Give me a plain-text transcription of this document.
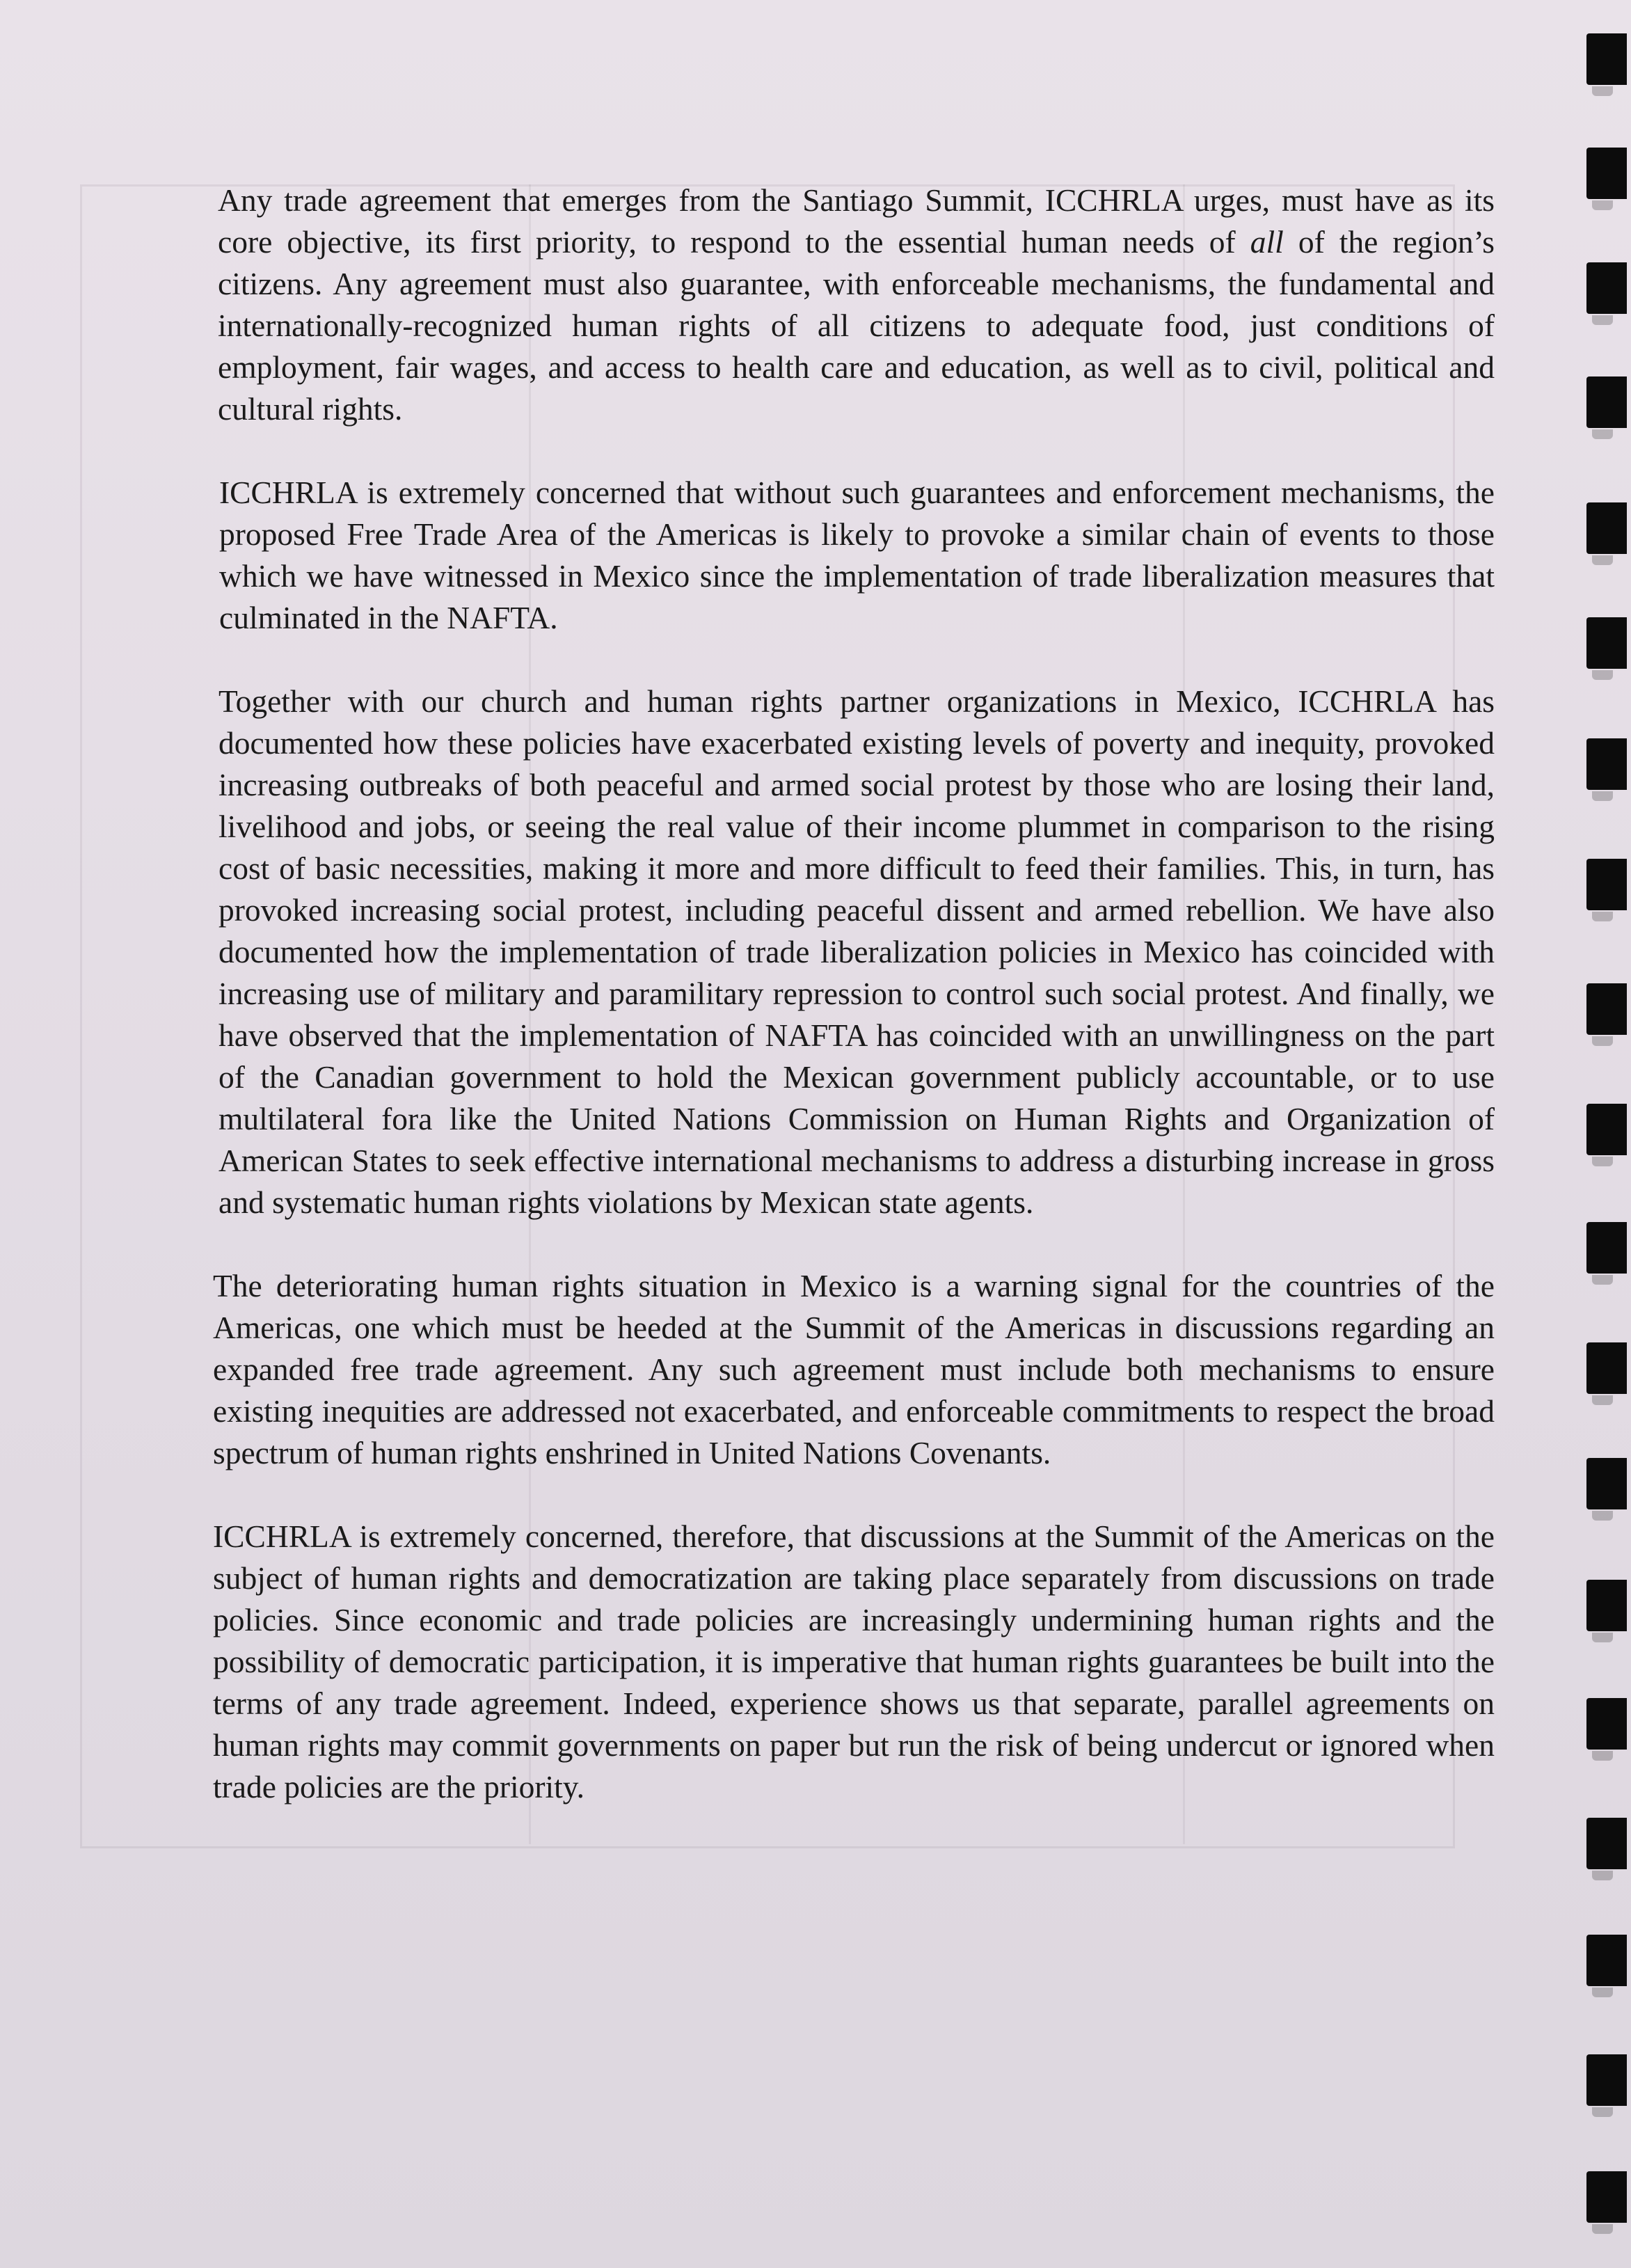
Any trade agreement that emerges from the Santiago Summit, ICCHRLA urges, must have as its core objective, its first priority, to respond to the essential human needs of all of the region’s citizens. Any agreement must also guarantee, with enforceable mechanisms, the fundamental and internationally-recognized human rights of all citizens to adequate food, just conditions of employment, fair wages, and access to health care and education, as well as to civil, political and cultural rights.

ICCHRLA is extremely concerned that without such guarantees and enforcement mechanisms, the proposed Free Trade Area of the Americas is likely to provoke a similar chain of events to those which we have witnessed in Mexico since the implementation of trade liberalization measures that culminated in the NAFTA.

Together with our church and human rights partner organizations in Mexico, ICCHRLA has documented how these policies have exacerbated existing levels of poverty and inequity, provoked increasing outbreaks of both peaceful and armed social protest by those who are losing their land, livelihood and jobs, or seeing the real value of their income plummet in comparison to the rising cost of basic necessities, making it more and more difficult to feed their families. This, in turn, has provoked increasing social protest, including peaceful dissent and armed rebellion. We have also documented how the implementation of trade liberalization policies in Mexico has coincided with increasing use of military and paramilitary repression to control such social protest. And finally, we have observed that the implementation of NAFTA has coincided with an unwillingness on the part of the Canadian government to hold the Mexican government publicly accountable, or to use multilateral fora like the United Nations Commission on Human Rights and Organization of American States to seek effective international mechanisms to address a disturbing increase in gross and systematic human rights violations by Mexican state agents.

The deteriorating human rights situation in Mexico is a warning signal for the countries of the Americas, one which must be heeded at the Summit of the Americas in discussions regarding an expanded free trade agreement. Any such agreement must include both mechanisms to ensure existing inequities are addressed not exacerbated, and enforceable commitments to respect the broad spectrum of human rights enshrined in United Nations Covenants.

ICCHRLA is extremely concerned, therefore, that discussions at the Summit of the Americas on the subject of human rights and democratization are taking place separately from discussions on trade policies. Since economic and trade policies are increasingly undermining human rights and the possibility of democratic participation, it is imperative that human rights guarantees be built into the terms of any trade agreement. Indeed, experience shows us that separate, parallel agreements on human rights may commit governments on paper but run the risk of being undercut or ignored when trade policies are the priority.
